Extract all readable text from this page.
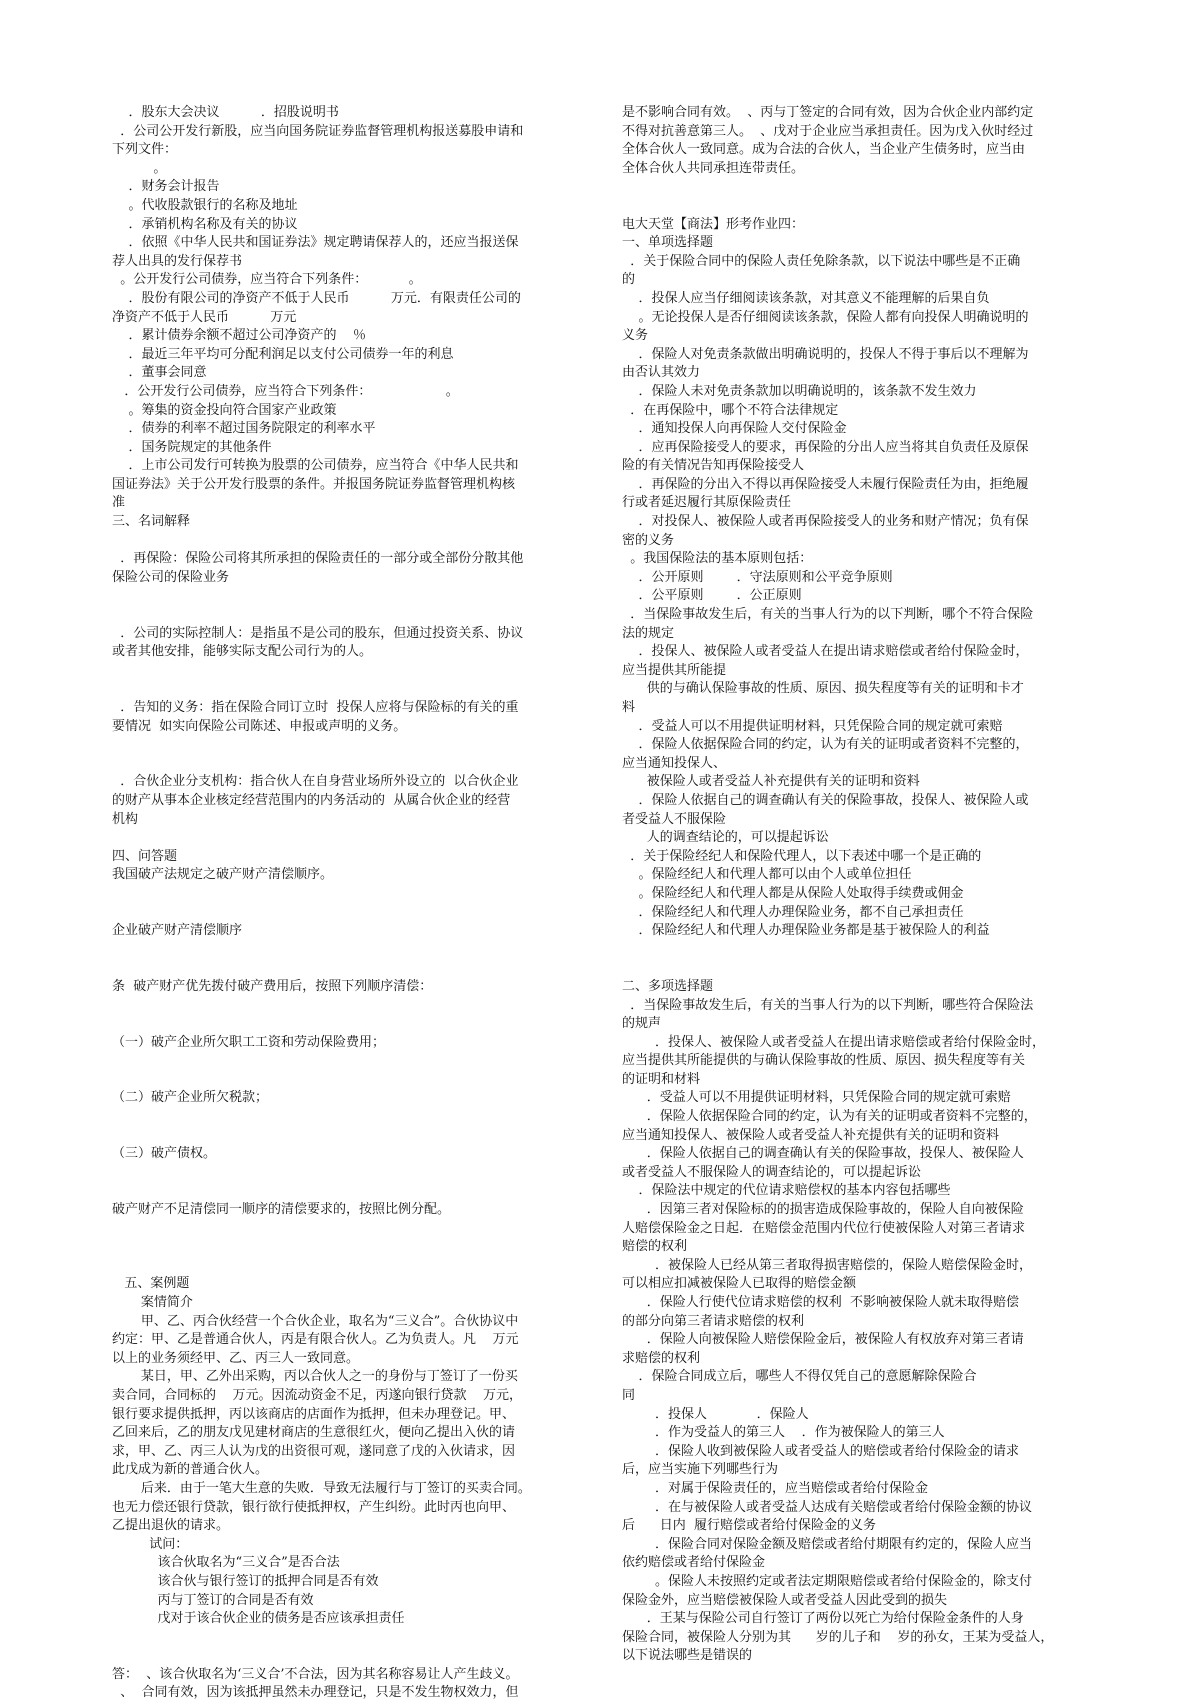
．股东大会决议          ．招股说明书
．公司公开发行新股，应当向国务院证券监督管理机构报送募股申请和
下列文件：
。
．财务会计报告
。代收股款银行的名称及地址
．承销机构名称及有关的协议
．依照《中华人民共和国证券法》规定聘请保荐人的，还应当报送保
荐人出具的发行保荐书
。公开发行公司债券，应当符合下列条件：          。
．股份有限公司的净资产不低于人民币          万元．有限责任公司的
净资产不低于人民币          万元
．累计债券余额不超过公司净资产的    ％
．最近三年平均可分配利润足以支付公司债券一年的利息
．董事会同意
．公开发行公司债券，应当符合下列条件：                  。
。筹集的资金投向符合国家产业政策
．债券的利率不超过国务院限定的利率水平
．国务院规定的其他条件
．上市公司发行可转换为股票的公司债券，应当符合《中华人民共和
国证券法》关于公开发行股票的条件。并报国务院证券监督管理机构核
准
三、名词解释
．再保险：保险公司将其所承担的保险责任的一部分或全部份分散其他
保险公司的保险业务
．公司的实际控制人：是指虽不是公司的股东，但通过投资关系、协议
或者其他安排，能够实际支配公司行为的人。
．告知的义务：指在保险合同订立时  投保人应将与保险标的有关的重
要情况  如实向保险公司陈述、申报或声明的义务。
．合伙企业分支机构：指合伙人在自身营业场所外设立的  以合伙企业
的财产从事本企业核定经营范围内的内务活动的  从属合伙企业的经营
机构
四、问答题
我国破产法规定之破产财产清偿顺序。
企业破产财产清偿顺序
条  破产财产优先拨付破产费用后，按照下列顺序清偿：
（一）破产企业所欠职工工资和劳动保险费用；
（二）破产企业所欠税款；
（三）破产债权。
破产财产不足清偿同一顺序的清偿要求的，按照比例分配。
五、案例题
案情简介
甲、乙、丙合伙经营一个合伙企业，取名为“三义合”。合伙协议中
约定：甲、乙是普通合伙人，丙是有限合伙人。乙为负责人。凡    万元
以上的业务须经甲、乙、丙三人一致同意。
某日，甲、乙外出采购，丙以合伙人之一的身份与丁签订了一份买
卖合同，合同标的    万元。因流动资金不足，丙遂向银行贷款    万元，
银行要求提供抵押，丙以该商店的店面作为抵押，但未办理登记。甲、
乙回来后，乙的朋友戊见建材商店的生意很红火，便向乙提出入伙的请
求，甲、乙、丙三人认为戊的出资很可观，遂同意了戊的入伙请求，因
此戊成为新的普通合伙人。
后来．由于一笔大生意的失败．导致无法履行与丁签订的买卖合同。
也无力偿还银行贷款，银行欲行使抵押权，产生纠纷。此时丙也向甲、
乙提出退伙的请求。
试问：
该合伙取名为“三义合”是否合法
该合伙与银行签订的抵押合同是否有效
丙与丁签订的合同是否有效
戊对于该合伙企业的债务是否应该承担责任
答：  、该合伙取名为‘三义合’不合法，因为其名称容易让人产生歧义。
、  合同有效，因为该抵押虽然未办理登记，只是不发生物权效力，但
是不影响合同有效。  、丙与丁签定的合同有效，因为合伙企业内部约定
不得对抗善意第三人。  、戊对于企业应当承担责任。因为戊入伙时经过
全体合伙人一致同意。成为合法的合伙人，当企业产生债务时，应当由
全体合伙人共同承担连带责任。
电大天堂【商法】形考作业四：
一、单项选择题
．关于保险合同中的保险人责任免除条款，以下说法中哪些是不正确
的
．投保人应当仔细阅读该条款，对其意义不能理解的后果自负
。无论投保人是否仔细阅读该条款，保险人都有向投保人明确说明的
义务
．保险人对免责条款做出明确说明的，投保人不得于事后以不理解为
由否认其效力
．保险人未对免责条款加以明确说明的，该条款不发生效力
．在再保险中，哪个不符合法律规定
．通知投保人向再保险人交付保险金
．应再保险接受人的要求，再保险的分出人应当将其自负责任及原保
险的有关情况告知再保险接受人
．再保险的分出入不得以再保险接受人未履行保险责任为由，拒绝履
行或者延迟履行其原保险责任
．对投保人、被保险人或者再保险接受人的业务和财产情况；负有保
密的义务
。我国保险法的基本原则包括：
．公开原则        ．守法原则和公平竞争原则
．公平原则        ．公正原则
．当保险事故发生后，有关的当事人行为的以下判断，哪个不符合保险
法的规定
．投保人、被保险人或者受益人在提出请求赔偿或者给付保险金时，
应当提供其所能提
供的与确认保险事故的性质、原因、损失程度等有关的证明和卡才
料
．受益人可以不用提供证明材料，只凭保险合同的规定就可索赔
．保险人依据保险合同的约定，认为有关的证明或者资料不完整的，
应当通知投保人、
被保险人或者受益人补充提供有关的证明和资料
．保险人依据自己的调查确认有关的保险事故，投保人、被保险人或
者受益人不服保险
人的调查结论的，可以提起诉讼
．关于保险经纪人和保险代理人，以下表述中哪一个是正确的
。保险经纪人和代理人都可以由个人或单位担任
。保险经纪人和代理人都是从保险人处取得手续费或佣金
．保险经纪人和代理人办理保险业务，都不自己承担责任
．保险经纪人和代理人办理保险业务都是基于被保险人的利益
二、多项选择题
．当保险事故发生后，有关的当事人行为的以下判断，哪些符合保险法
的规声
．投保人、被保险人或者受益人在提出请求赔偿或者给付保险金时，
应当提供其所能提供的与确认保险事故的性质、原因、损失程度等有关
的证明和材料
．受益人可以不用提供证明材料，只凭保险合同的规定就可索赔
．保险人依据保险合同的约定，认为有关的证明或者资料不完整的，
应当通知投保人、被保险人或者受益人补充提供有关的证明和资料
．保险人依据自己的调查确认有关的保险事故，投保人、被保险人
或者受益人不服保险人的调查结论的，可以提起诉讼
．保险法中规定的代位请求赔偿权的基本内容包括哪些
．因第三者对保险标的的损害造成保险事故的，保险人自向被保险
人赔偿保险金之日起．在赔偿金范围内代位行使被保险人对第三者请求
赔偿的权利
．被保险人已经从第三者取得损害赔偿的，保险人赔偿保险金时，
可以相应扣减被保险人已取得的赔偿金额
．保险人行使代位请求赔偿的权利  不影响被保险人就未取得赔偿
的部分向第三者请求赔偿的权利
．保险人向被保险人赔偿保险金后，被保险人有权放弃对第三者请
求赔偿的权利
．保险合同成立后，哪些人不得仅凭自己的意愿解除保险合
同
．投保人            ．保险人
．作为受益人的第三人    ．作为被保险人的第三人
．保险人收到被保险人或者受益人的赔偿或者给付保险金的请求
后，应当实施下列哪些行为
．对属于保险责任的，应当赔偿或者给付保险金
．在与被保险人或者受益人达成有关赔偿或者给付保险金额的协议
后      日内  履行赔偿或者给付保险金的义务
．保险合同对保险金额及赔偿或者给付期限有约定的，保险人应当
依约赔偿或者给付保险金
。保险人未按照约定或者法定期限赔偿或者给付保险金的，除支付
保险金外，应当赔偿被保险人或者受益人因此受到的损失
．王某与保险公司自行签订了两份以死亡为给付保险金条件的人身
保险合同，被保险人分别为其      岁的儿子和    岁的孙女，王某为受益人，
以下说法哪些是错误的
